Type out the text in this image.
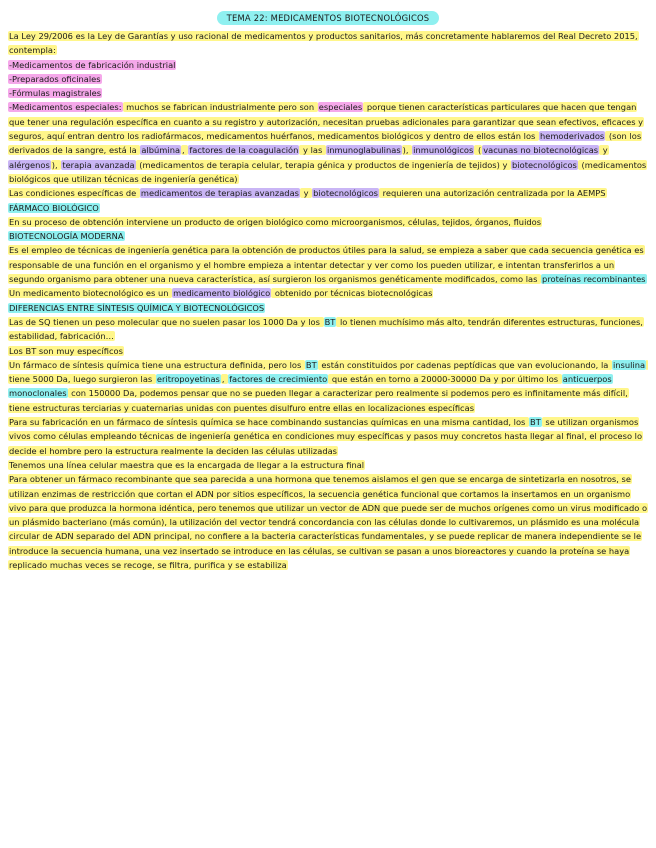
TEMA 22: MEDICAMENTOS BIOTECNOLÓGICOS

La Ley 29/2006 es la Ley de Garantías y uso racional de medicamentos y productos sanitarios, más concretamente hablaremos del Real Decreto 2015, contempla:

-Medicamentos de fabricación industrial

-Preparados oficinales

-Fórmulas magistrales

-Medicamentos especiales: muchos se fabrican industrialmente pero son especiales porque tienen características particulares que hacen que tengan que tener una regulación específica en cuanto a su registro y autorización, necesitan pruebas adicionales para garantizar que sean efectivos, eficaces y seguros, aquí entran dentro los radiofármacos, medicamentos huérfanos, medicamentos biológicos y dentro de ellos están los hemoderivados (son los derivados de la sangre, está la albúmina , factores de la coagulación y las inmunoglabulinas ), inmunológicos ( vacunas no biotecnológicas y alérgenos ), terapia avanzada (medicamentos de terapia celular, terapia génica y productos de ingeniería de tejidos) y biotecnológicos (medicamentos biológicos que utilizan técnicas de ingeniería genética)

Las condiciones específicas de medicamentos de terapias avanzadas y biotecnológicos requieren una autorización centralizada por la AEMPS

FÁRMACO BIOLÓGICO

En su proceso de obtención interviene un producto de origen biológico como microorganismos, células, tejidos, órganos, fluidos

BIOTECNOLOGÍA MODERNA

Es el empleo de técnicas de ingeniería genética para la obtención de productos útiles para la salud, se empieza a saber que cada secuencia genética es responsable de una función en el organismo y el hombre empieza a intentar detectar y ver como los pueden utilizar, e intentan transferirlos a un segundo organismo para obtener una nueva característica, así surgieron los organismos genéticamente modificados, como las proteínas recombinantes

Un medicamento biotecnológico es un medicamento biológico obtenido por técnicas biotecnológicas

DIFERENCIAS ENTRE SÍNTESIS QUÍMICA Y BIOTECNOLÓGICOS

Las de SQ tienen un peso molecular que no suelen pasar los 1000 Da y los BT lo tienen muchísimo más alto, tendrán diferentes estructuras, funciones, estabilidad, fabricación…

Los BT son muy específicos

Un fármaco de síntesis química tiene una estructura definida, pero los BT están constituidos por cadenas peptídicas que van evolucionando, la insulina tiene 5000 Da, luego surgieron las eritropoyetinas , factores de crecimiento que están en torno a 20000-30000 Da y por último los anticuerpos monoclonales con 150000 Da, podemos pensar que no se pueden llegar a caracterizar pero realmente si podemos pero es infinitamente más difícil, tiene estructuras terciarias y cuaternarias unidas con puentes disulfuro entre ellas en localizaciones específicas

Para su fabricación en un fármaco de síntesis química se hace combinando sustancias químicas en una misma cantidad, los BT se utilizan organismos vivos como células empleando técnicas de ingeniería genética en condiciones muy específicas y pasos muy concretos hasta llegar al final, el proceso lo decide el hombre pero la estructura realmente la deciden las células utilizadas

Tenemos una línea celular maestra que es la encargada de llegar a la estructura final

Para obtener un fármaco recombinante que sea parecida a una hormona que tenemos aislamos el gen que se encarga de sintetizarla en nosotros, se utilizan enzimas de restricción que cortan el ADN por sitios específicos, la secuencia genética funcional que cortamos la insertamos en un organismo vivo para que produzca la hormona idéntica, pero tenemos que utilizar un vector de ADN que puede ser de muchos orígenes como un virus modificado o un plásmido bacteriano (más común), la utilización del vector tendrá concordancia con las células donde lo cultivaremos, un plásmido es una molécula circular de ADN separado del ADN principal, no confiere a la bacteria características fundamentales, y se puede replicar de manera independiente se le introduce la secuencia humana, una vez insertado se introduce en las células, se cultivan se pasan a unos bioreactores y cuando la proteína se haya replicado muchas veces se recoge, se filtra, purifica y se estabiliza
